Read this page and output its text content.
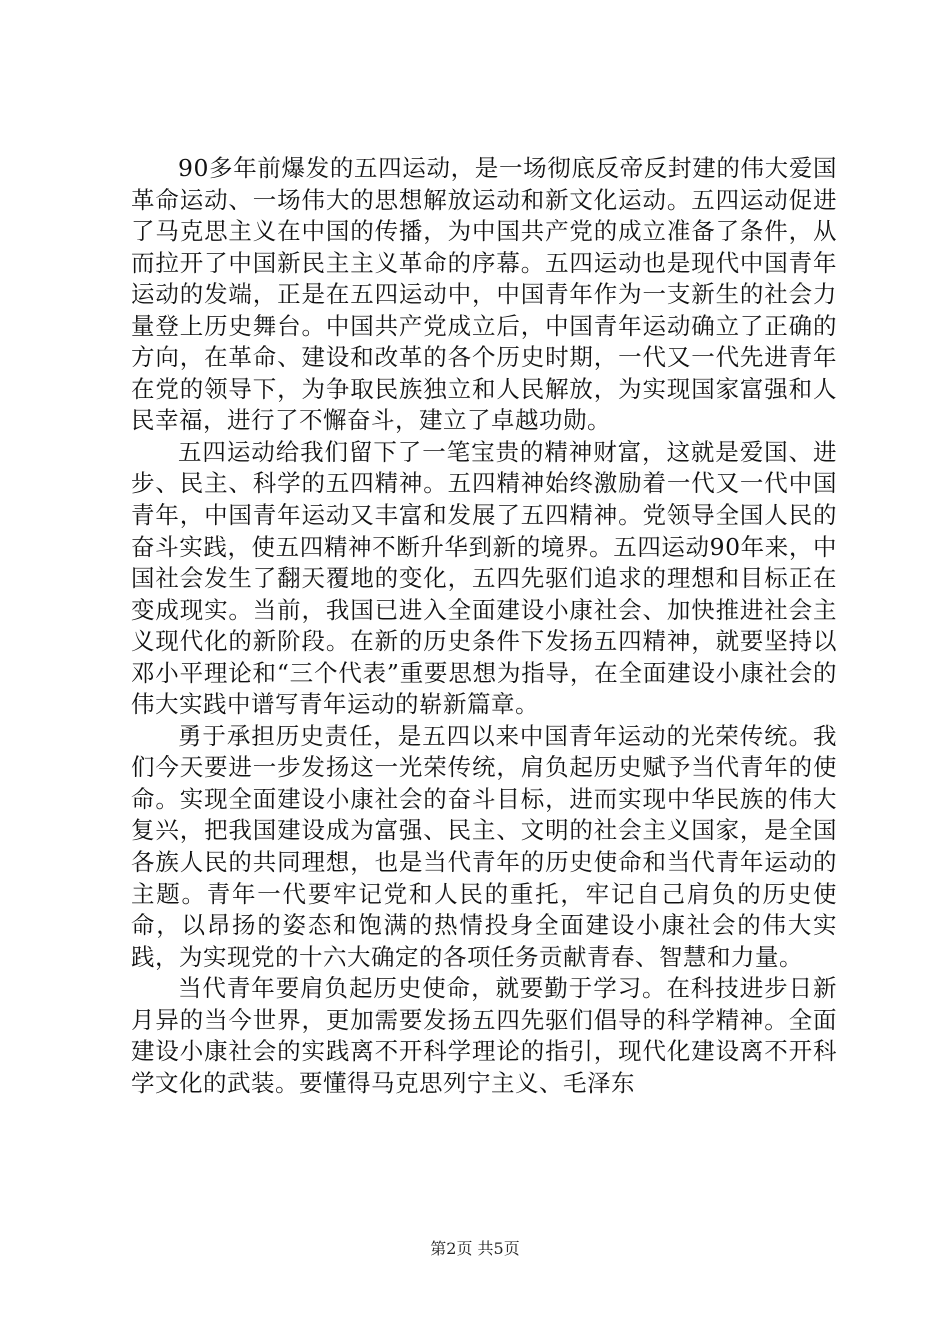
90多年前爆发的五四运动，是一场彻底反帝反封建的伟大爱国革命运动、一场伟大的思想解放运动和新文化运动。五四运动促进了马克思主义在中国的传播，为中国共产党的成立准备了条件，从而拉开了中国新民主主义革命的序幕。五四运动也是现代中国青年运动的发端，正是在五四运动中，中国青年作为一支新生的社会力量登上历史舞台。中国共产党成立后，中国青年运动确立了正确的方向，在革命、建设和改革的各个历史时期，一代又一代先进青年在党的领导下，为争取民族独立和人民解放，为实现国家富强和人民幸福，进行了不懈奋斗，建立了卓越功勋。

五四运动给我们留下了一笔宝贵的精神财富，这就是爱国、进步、民主、科学的五四精神。五四精神始终激励着一代又一代中国青年，中国青年运动又丰富和发展了五四精神。党领导全国人民的奋斗实践，使五四精神不断升华到新的境界。五四运动90年来，中国社会发生了翻天覆地的变化，五四先驱们追求的理想和目标正在变成现实。当前，我国已进入全面建设小康社会、加快推进社会主义现代化的新阶段。在新的历史条件下发扬五四精神，就要坚持以邓小平理论和“三个代表”重要思想为指导，在全面建设小康社会的伟大实践中谱写青年运动的崭新篇章。

勇于承担历史责任，是五四以来中国青年运动的光荣传统。我们今天要进一步发扬这一光荣传统，肩负起历史赋予当代青年的使命。实现全面建设小康社会的奋斗目标，进而实现中华民族的伟大复兴，把我国建设成为富强、民主、文明的社会主义国家，是全国各族人民的共同理想，也是当代青年的历史使命和当代青年运动的主题。青年一代要牢记党和人民的重托，牢记自己肩负的历史使命，以昂扬的姿态和饱满的热情投身全面建设小康社会的伟大实践，为实现党的十六大确定的各项任务贡献青春、智慧和力量。

当代青年要肩负起历史使命，就要勤于学习。在科技进步日新月异的当今世界，更加需要发扬五四先驱们倡导的科学精神。全面建设小康社会的实践离不开科学理论的指引，现代化建设离不开科学文化的武装。要懂得马克思列宁主义、毛泽东

第2页 共5页
